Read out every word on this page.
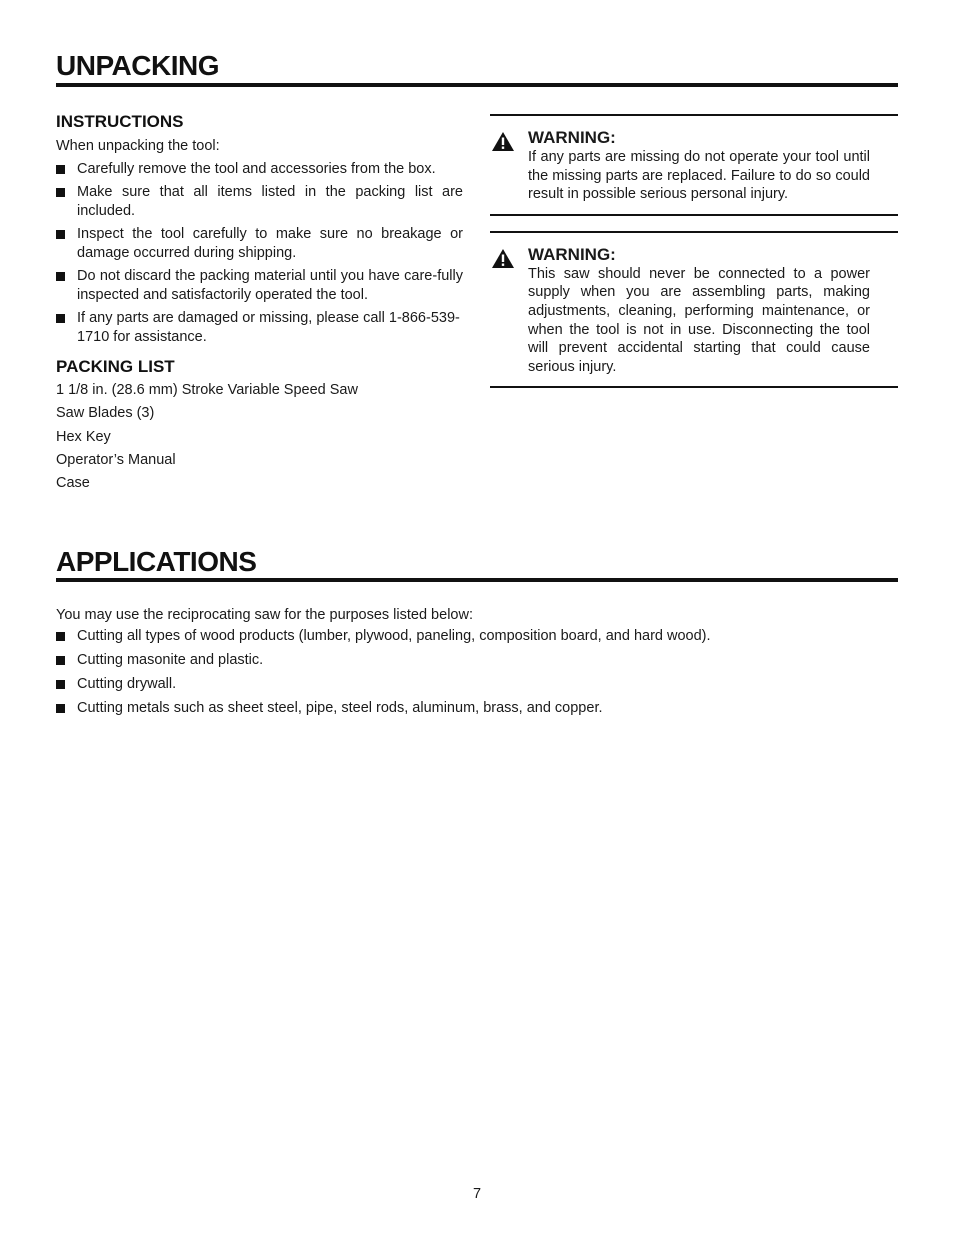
UNPACKING
INSTRUCTIONS
When unpacking the tool:
Carefully remove the tool and accessories from the box.
Make sure that all items listed in the packing list are included.
Inspect the tool carefully to make sure no breakage or damage occurred during shipping.
Do not discard the packing material until you have care-fully inspected and satisfactorily operated the tool.
If any parts are damaged or missing, please call 1-866-539-1710 for assistance.
PACKING LIST
1 1/8 in. (28.6 mm) Stroke Variable Speed Saw
Saw Blades (3)
Hex Key
Operator’s Manual
Case
WARNING:
If any parts are missing do not operate your tool until the missing parts are replaced. Failure to do so could result in possible serious personal injury.
WARNING:
This saw should never be connected to a power supply when you are assembling parts, making adjustments, cleaning, performing maintenance, or when the tool is not in use. Disconnecting the tool will prevent accidental starting that could cause serious injury.
APPLICATIONS
You may use the reciprocating saw for the purposes listed below:
Cutting all types of wood products (lumber, plywood, paneling, composition board, and hard wood).
Cutting masonite and plastic.
Cutting drywall.
Cutting metals such as sheet steel, pipe, steel rods, aluminum, brass, and copper.
7
